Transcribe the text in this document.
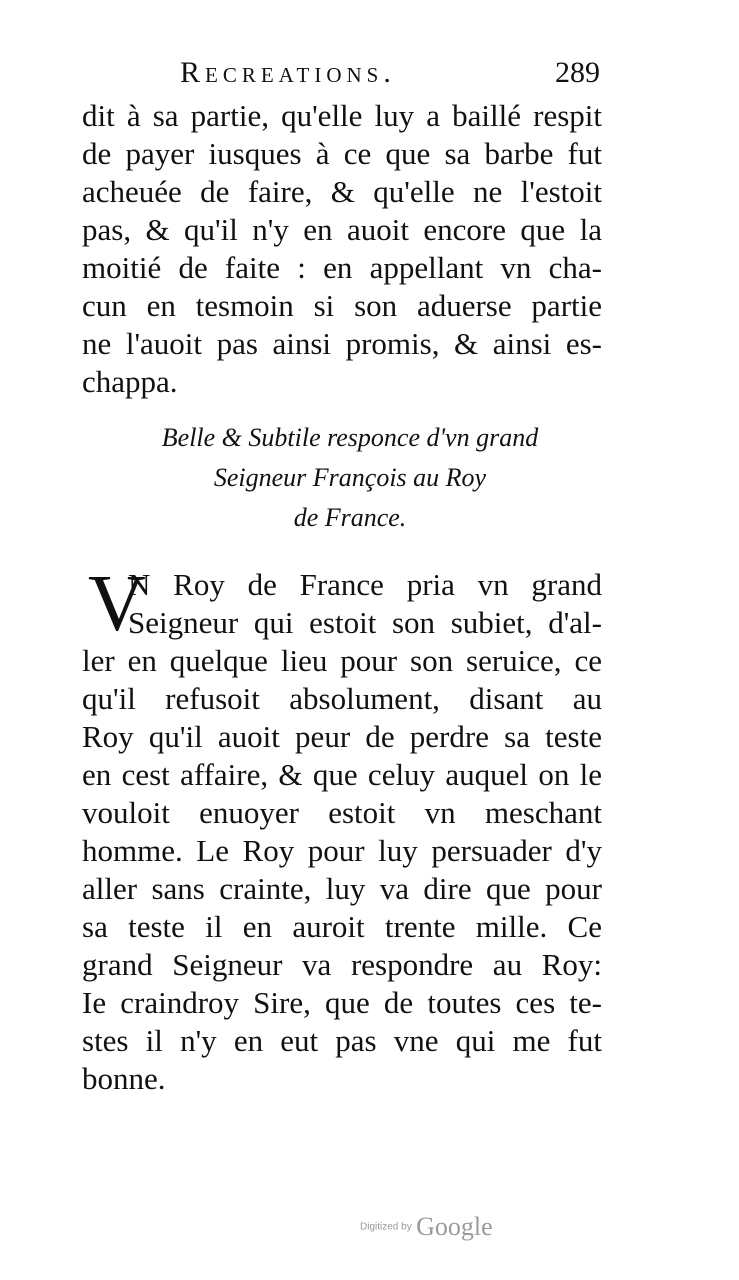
Recreations.	289
dit à sa partie, qu'elle luy a baillé respit
de payer iusques à ce que sa barbe fut
acheuée de faire, & qu'elle ne l'estoit
pas, & qu'il n'y en auoit encore que la
moitié de faite : en appellant vn cha-
cun en tesmoin si son aduerse partie
ne l'auoit pas ainsi promis, & ainsi es-
chappa.
Belle & Subtile responce d'vn grand
Seigneur François au Roy
de France.
V
N Roy de France pria vn grand
Seigneur qui estoit son subiet, d'al-
ler en quelque lieu pour son seruice, ce
qu'il refusoit absolument, disant au
Roy qu'il auoit peur de perdre sa teste
en cest affaire, & que celuy auquel on le
vouloit enuoyer estoit vn meschant
homme. Le Roy pour luy persuader d'y
aller sans crainte, luy va dire que pour
sa teste il en auroit trente mille. Ce
grand Seigneur va respondre au Roy:
Ie craindroy Sire, que de toutes ces te-
stes il n'y en eut pas vne qui me fut
bonne.
Digitized by Google
